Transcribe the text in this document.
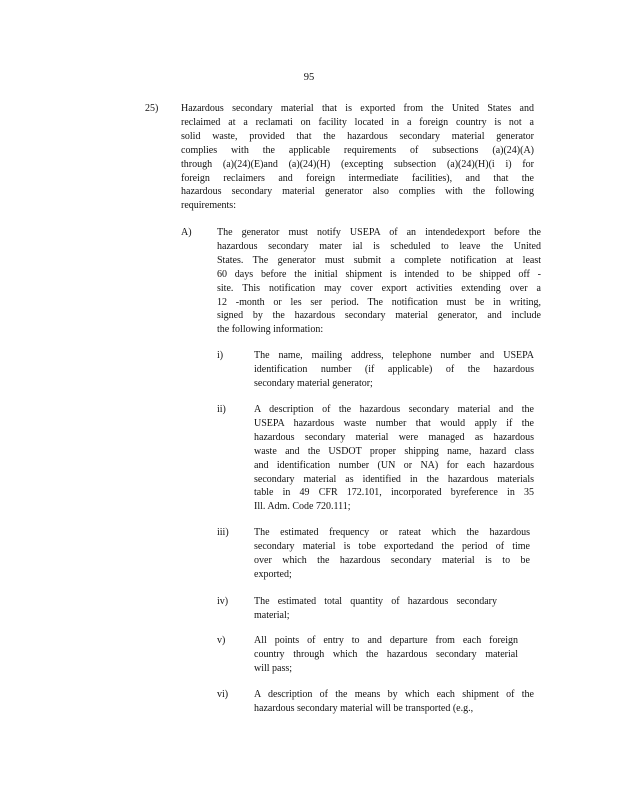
95
25) Hazardous secondary material that is exported from the United States and

reclaimed at a reclamati on facility located in a foreign country is not a

solid waste, provided that the hazardous secondary material generator

complies with the applicable requirements of subsections (a)(24)(A)

through (a)(24)(E)and (a)(24)(H) (excepting subsection (a)(24)(H)(i i) for

foreign reclaimers and foreign intermediate facilities), and that the

hazardous secondary material generator also complies with the following

requirements:

A)	The generator must notify USEPA of an intendedexport before the

hazardous secondary mater ial is scheduled to leave the United

States. The generator must submit a complete notification at least

60 days before the initial shipment is intended to be shipped off -

site. This notification may cover export activities extending over a

12 -month or les ser period. The notification must be in writing,

signed by the hazardous secondary material generator, and include

the following information:

i)	The name, mailing address, telephone number and USEPA

identification number (if applicable) of the hazardous

secondary material generator;

ii)	A description of the hazardous secondary material and the

USEPA hazardous waste number that would apply if the

hazardous secondary material were managed as hazardous

waste and the USDOT proper shipping name, hazard class

and identification number (UN or NA) for each hazardous

secondary material as identified in the hazardous materials

table in 49 CFR 172.101, incorporated byreference in 35

Ill. Adm. Code 720.111;

iii)	The estimated frequency or rateat which the hazardous

secondary material is tobe exportedand the period of time

over which the hazardous secondary material is to be

exported;

iv)	The estimated total quantity of hazardous secondary

material;

v)	All points of entry to and departure from each foreign

country through which the hazardous secondary material

will pass;

vi)	A description of the means by which each shipment of the

hazardous secondary material will be transported (e.g.,
